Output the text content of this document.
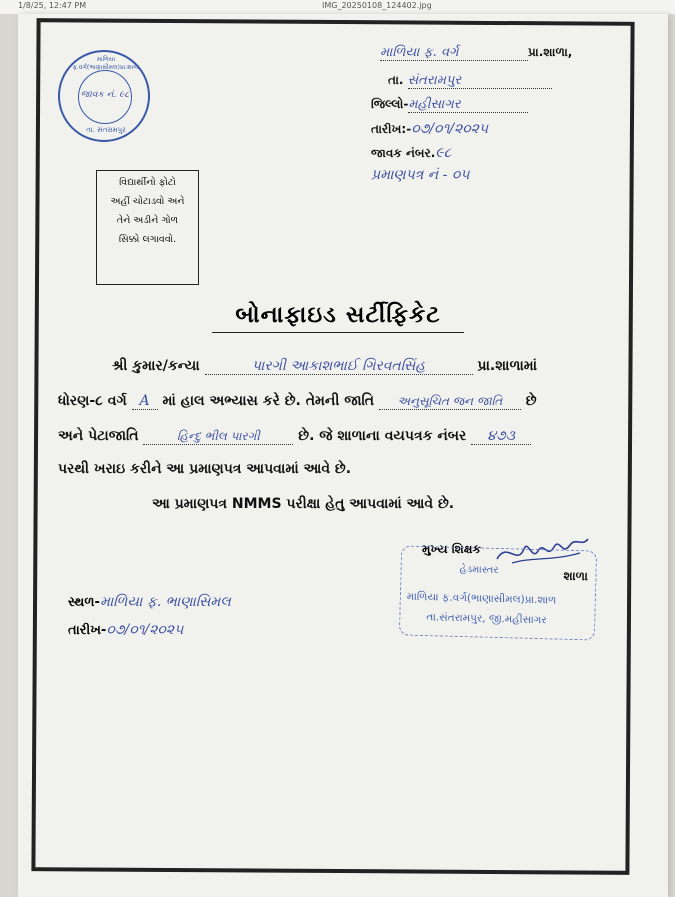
1/8/25, 12:47 PM	IMG_20250108_124402.jpg
માળિયા ફ.વર્ગ(ભાણાસીમલ)પ્રા.શાળા
જાવક નં. ૯૮
તા. સંતરામપુર
માળિયા ફ. વર્ગ	પ્રા.શાળા,
તા. સંતરામપુર
જિલ્લો-મહીસાગર
તારીખ:-૦૭/૦૧/૨૦૨૫
જાવક નંબર.૯૮
પ્રમાણપત્ર નં - ૦૫
વિદ્યાર્થીનો ફોટો
અહીં ચોટાડવો અને
તેને અડીને ગોળ
સિક્કો લગાવવો.
બોનાફાઇડ સર્ટીફિકેટ
શ્રી કુમાર/કન્યા	પારગી આકાશભાઈ ગિરવતસિંહ	પ્રા.શાળામાં
ધોરણ-૮ વર્ગ A માં હાલ અભ્યાસ કરે છે. તેમની જાતિ અનુસૂચિત જન જાતિ છે
અને પેટાજાતિ	હિન્દુ ભીલ પારગી	છે. જે શાળાના વયપત્રક નંબર ૪૭૩
પરથી ખરાઇ કરીને આ પ્રમાણપત્ર આપવામાં આવે છે.
આ પ્રમાણપત્ર NMMS પરીક્ષા હેતુ આપવામાં આવે છે.
મુખ્ય શિક્ષક
હેડમાસ્તર	શાળા
માળિયા ફ.વર્ગ(ભાણાસીમલ)પ્રા.શાળ
તા.સંતરામપુર, જી.મહીસાગર
સ્થળ-માળિયા ફ. ભાણાસિમલ
તારીખ-૦૭/૦૧/૨૦૨૫
